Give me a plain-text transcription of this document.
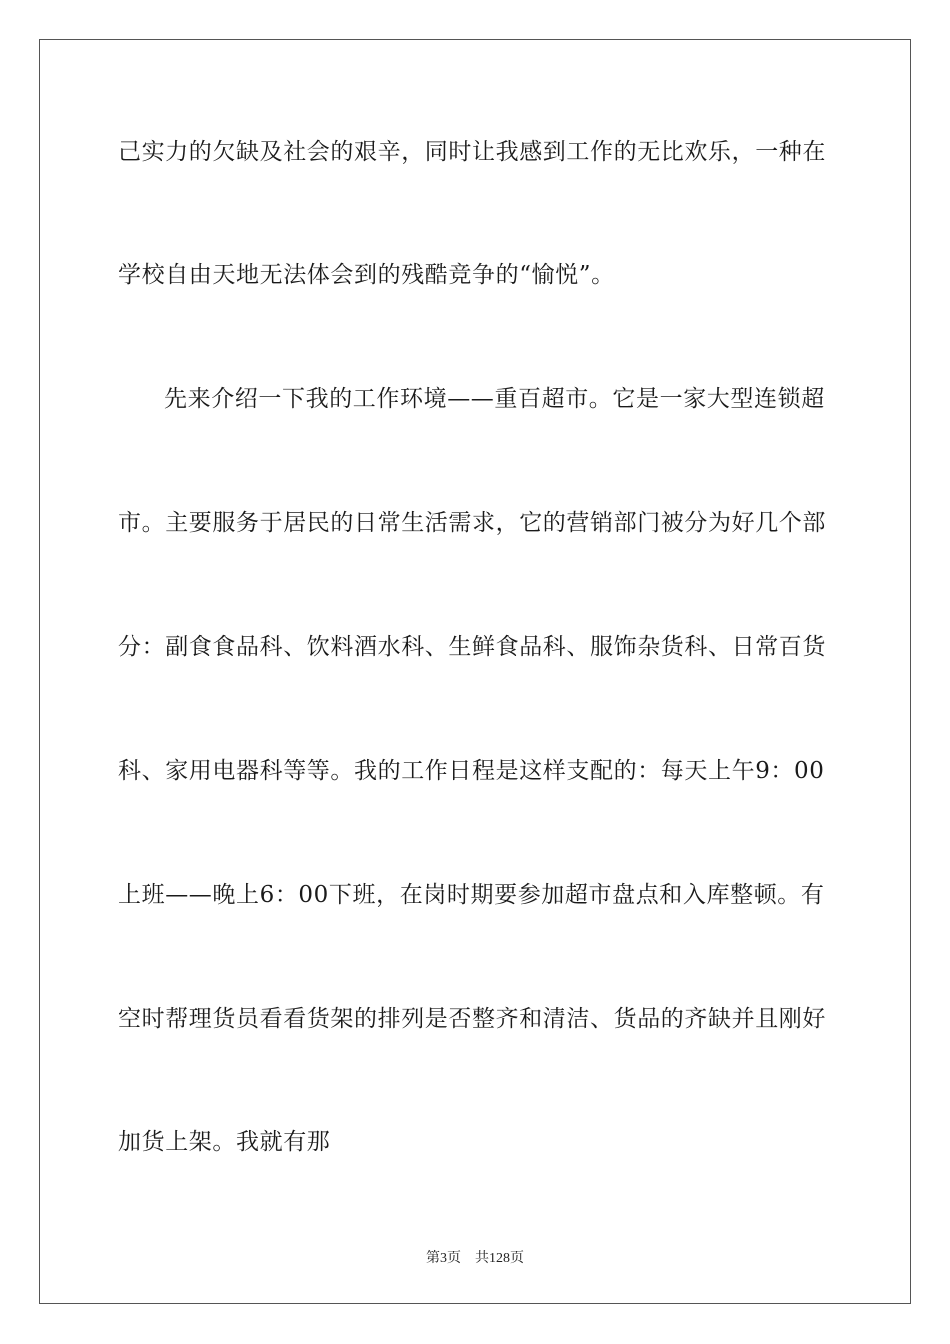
己实力的欠缺及社会的艰辛，同时让我感到工作的无比欢乐，一种在
学校自由天地无法体会到的残酷竞争的“愉悦”。
先来介绍一下我的工作环境——重百超市。它是一家大型连锁超
市。主要服务于居民的日常生活需求，它的营销部门被分为好几个部
分：副食食品科、饮料酒水科、生鲜食品科、服饰杂货科、日常百货
科、家用电器科等等。我的工作日程是这样支配的：每天上午9：00
上班——晚上6：00下班，在岗时期要参加超市盘点和入库整顿。有
空时帮理货员看看货架的排列是否整齐和清洁、货品的齐缺并且刚好
加货上架。我就有那
第3页　共128页
